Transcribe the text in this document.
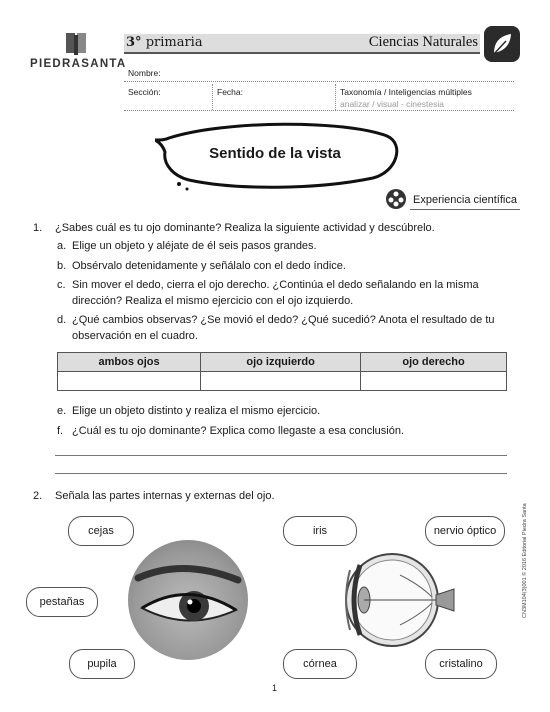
PIEDRASANTA
3° primaria	Ciencias Naturales
Nombre:
Sección:	Fecha:	Taxonomía / Inteligencias múltiples
analizar / visual - cinestesia
Sentido de la vista
Experiencia científica
1. ¿Sabes cuál es tu ojo dominante? Realiza la siguiente actividad y descúbrelo.
a. Elige un objeto y aléjate de él seis pasos grandes.
b. Obsérvalo detenidamente y señálalo con el dedo índice.
c. Sin mover el dedo, cierra el ojo derecho. ¿Continúa el dedo señalando en la misma
dirección? Realiza el mismo ejercicio con el ojo izquierdo.
d. ¿Qué cambios observas? ¿Se movió el dedo? ¿Qué sucedió? Anota el resultado de tu
observación en el cuadro.
ambos ojos	ojo izquierdo	ojo derecho

e. Elige un objeto distinto y realiza el mismo ejercicio.
f. ¿Cuál es tu ojo dominante? Explica como llegaste a esa conclusión.
2. Señala las partes internas y externas del ojo.
cejas
pestañas
pupila
iris	nervio óptico
córnea	cristalino
CN3M104(3)001 © 2016 Editorial Piedra Santa
1
